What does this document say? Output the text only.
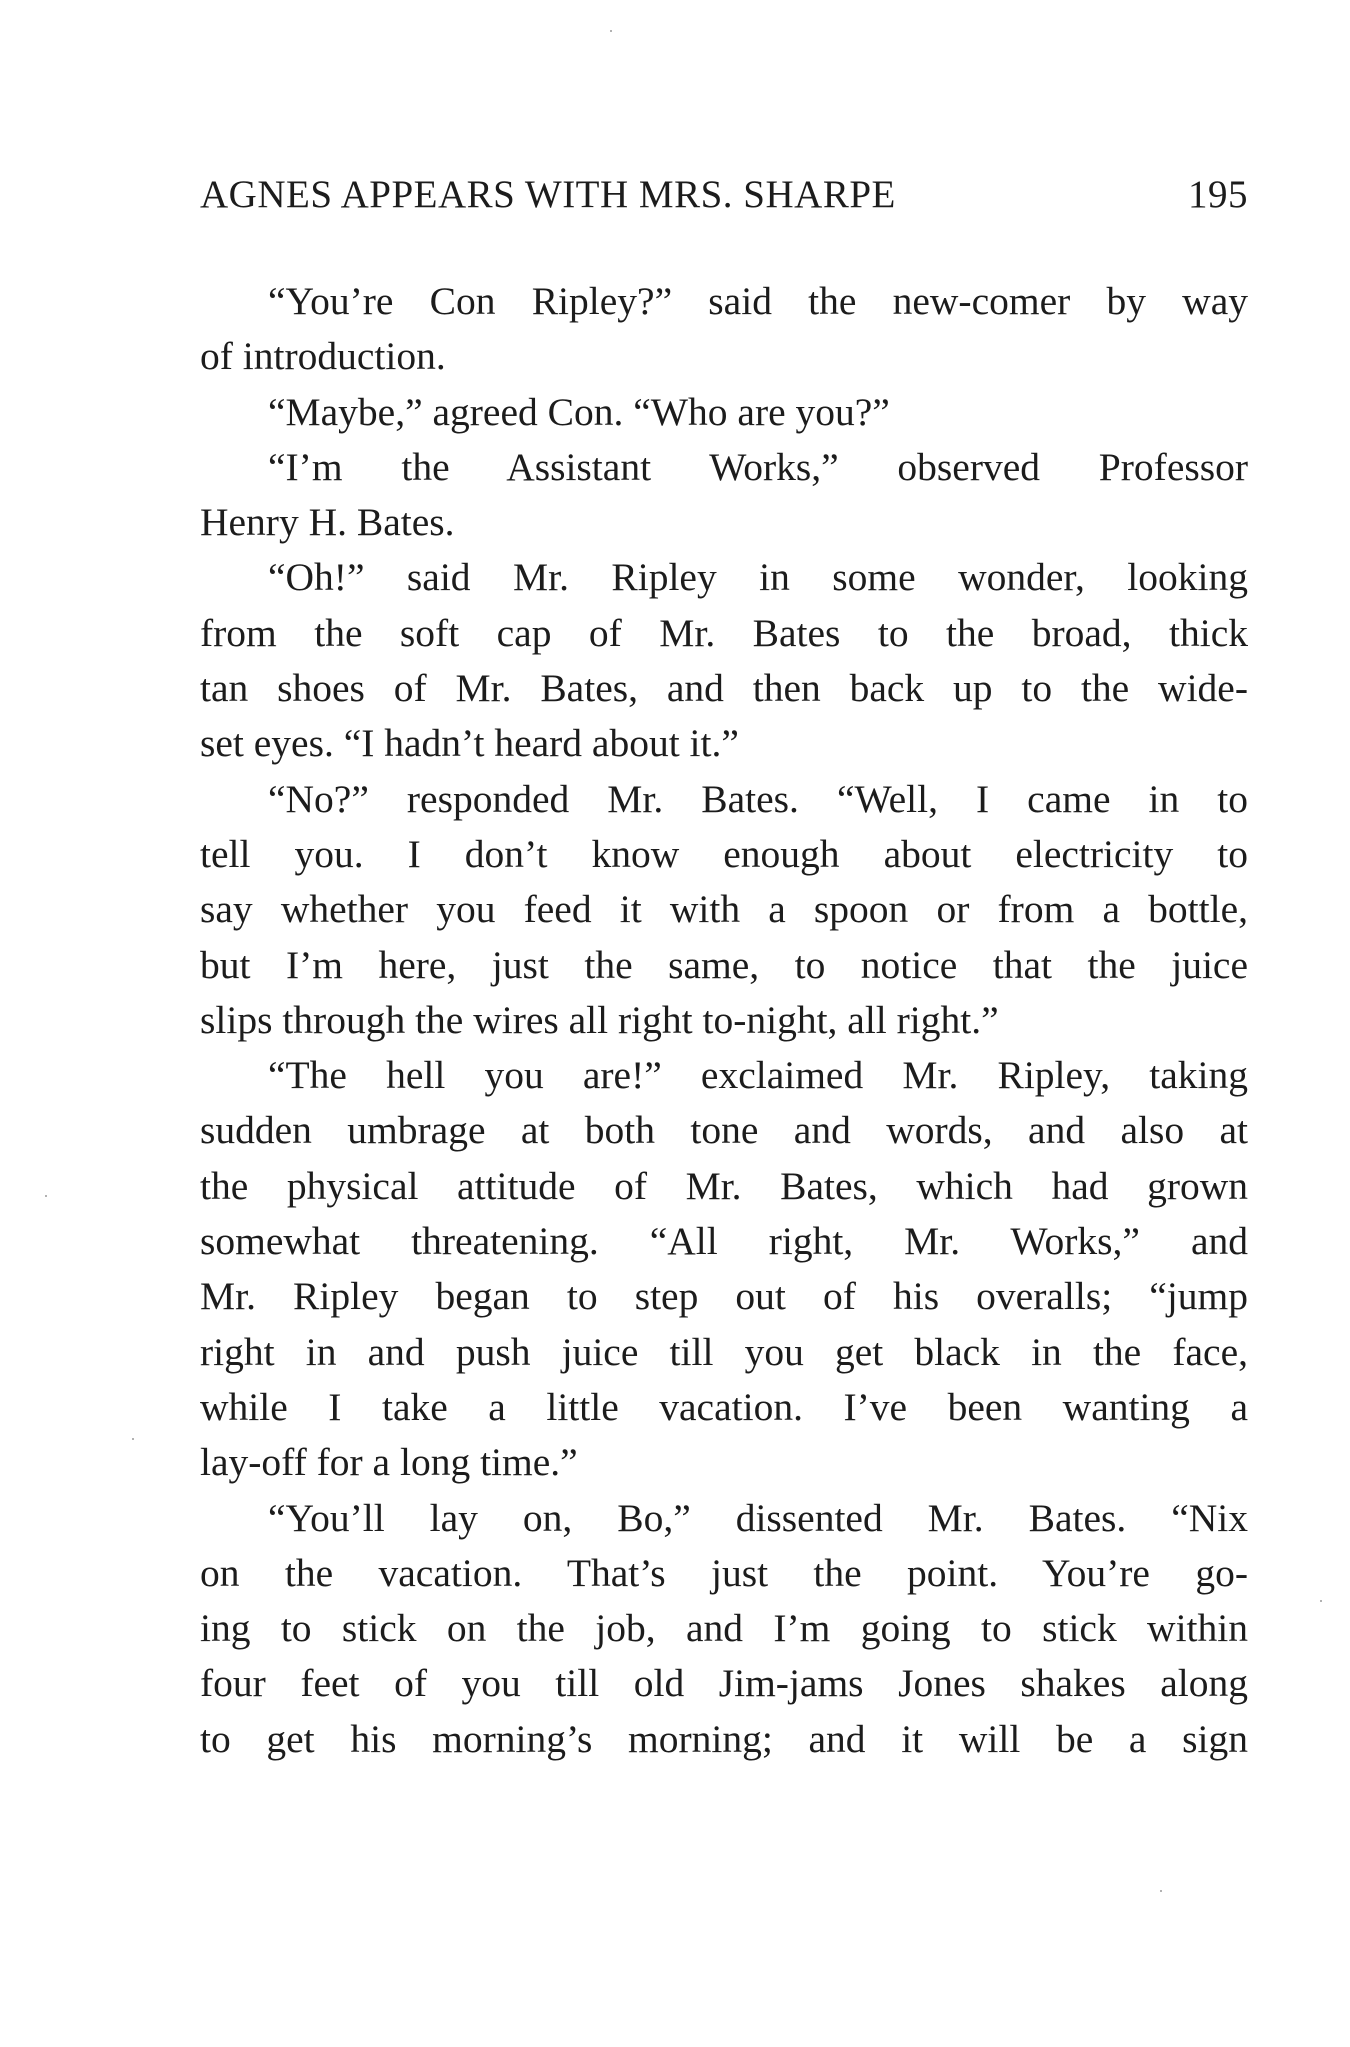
AGNES APPEARS WITH MRS. SHARPE	195
“You’re Con Ripley?” said the new-comer by way
of introduction.
“Maybe,” agreed Con. “Who are you?”
“I’m the Assistant Works,” observed Professor
Henry H. Bates.
“Oh!” said Mr. Ripley in some wonder, looking
from the soft cap of Mr. Bates to the broad, thick
tan shoes of Mr. Bates, and then back up to the wide-
set eyes. “I hadn’t heard about it.”
“No?” responded Mr. Bates. “Well, I came in to
tell you. I don’t know enough about electricity to
say whether you feed it with a spoon or from a bottle,
but I’m here, just the same, to notice that the juice
slips through the wires all right to-night, all right.”
“The hell you are!” exclaimed Mr. Ripley, taking
sudden umbrage at both tone and words, and also at
the physical attitude of Mr. Bates, which had grown
somewhat threatening. “All right, Mr. Works,” and
Mr. Ripley began to step out of his overalls; “jump
right in and push juice till you get black in the face,
while I take a little vacation. I’ve been wanting a
lay-off for a long time.”
“You’ll lay on, Bo,” dissented Mr. Bates. “Nix
on the vacation. That’s just the point. You’re go-
ing to stick on the job, and I’m going to stick within
four feet of you till old Jim-jams Jones shakes along
to get his morning’s morning; and it will be a sign
